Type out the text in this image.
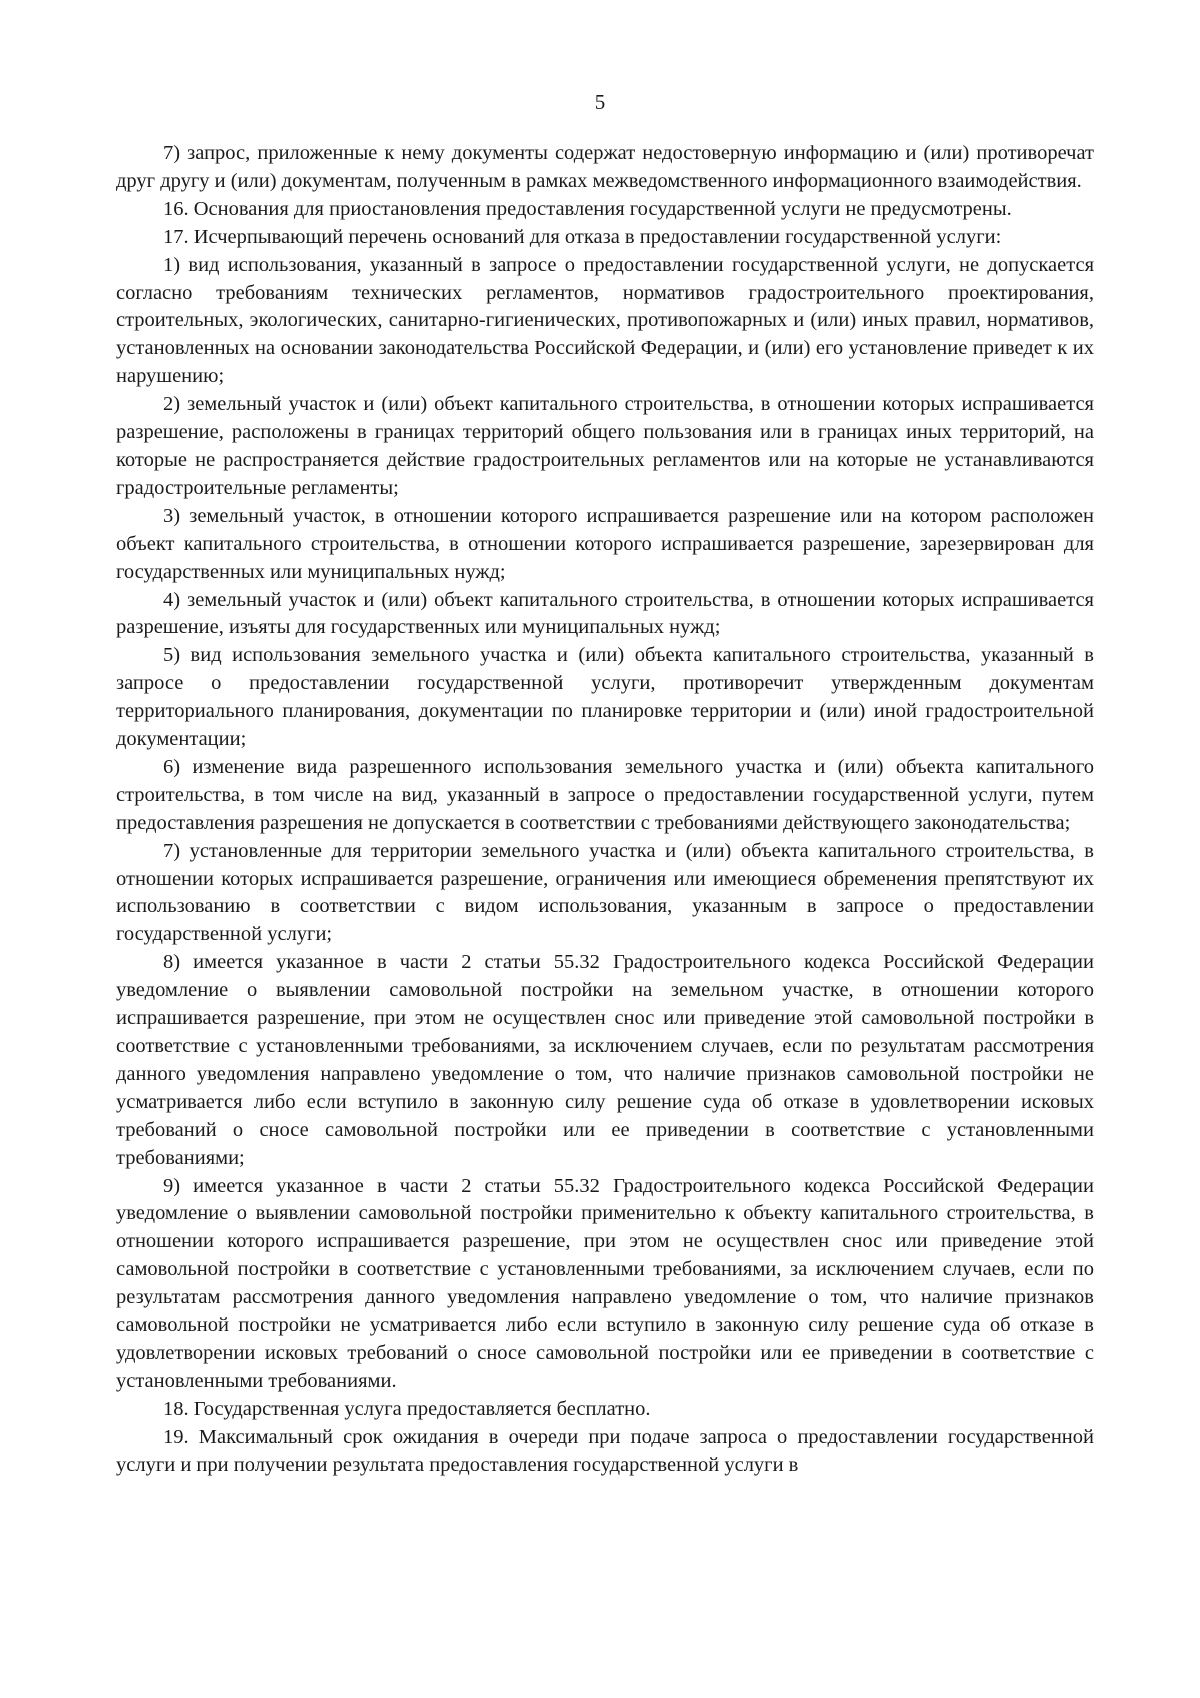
5

7) запрос, приложенные к нему документы содержат недостоверную информацию и (или) противоречат друг другу и (или) документам, полученным в рамках межведомственного информационного взаимодействия.

16. Основания для приостановления предоставления государственной услуги не предусмотрены.

17. Исчерпывающий перечень оснований для отказа в предоставлении государственной услуги:

1) вид использования, указанный в запросе о предоставлении государственной услуги, не допускается согласно требованиям технических регламентов, нормативов градостроительного проектирования, строительных, экологических, санитарно-гигиенических, противопожарных и (или) иных правил, нормативов, установленных на основании законодательства Российской Федерации, и (или) его установление приведет к их нарушению;

2) земельный участок и (или) объект капитального строительства, в отношении которых испрашивается разрешение, расположены в границах территорий общего пользования или в границах иных территорий, на которые не распространяется действие градостроительных регламентов или на которые не устанавливаются градостроительные регламенты;

3) земельный участок, в отношении которого испрашивается разрешение или на котором расположен объект капитального строительства, в отношении которого испрашивается разрешение, зарезервирован для государственных или муниципальных нужд;

4) земельный участок и (или) объект капитального строительства, в отношении которых испрашивается разрешение, изъяты для государственных или муниципальных нужд;

5) вид использования земельного участка и (или) объекта капитального строительства, указанный в запросе о предоставлении государственной услуги, противоречит утвержденным документам территориального планирования, документации по планировке территории и (или) иной градостроительной документации;

6) изменение вида разрешенного использования земельного участка и (или) объекта капитального строительства, в том числе на вид, указанный в запросе о предоставлении государственной услуги, путем предоставления разрешения не допускается в соответствии с требованиями действующего законодательства;

7) установленные для территории земельного участка и (или) объекта капитального строительства, в отношении которых испрашивается разрешение, ограничения или имеющиеся обременения препятствуют их использованию в соответствии с видом использования, указанным в запросе о предоставлении государственной услуги;

8) имеется указанное в части 2 статьи 55.32 Градостроительного кодекса Российской Федерации уведомление о выявлении самовольной постройки на земельном участке, в отношении которого испрашивается разрешение, при этом не осуществлен снос или приведение этой самовольной постройки в соответствие с установленными требованиями, за исключением случаев, если по результатам рассмотрения данного уведомления направлено уведомление о том, что наличие признаков самовольной постройки не усматривается либо если вступило в законную силу решение суда об отказе в удовлетворении исковых требований о сносе самовольной постройки или ее приведении в соответствие с установленными требованиями;

9) имеется указанное в части 2 статьи 55.32 Градостроительного кодекса Российской Федерации уведомление о выявлении самовольной постройки применительно к объекту капитального строительства, в отношении которого испрашивается разрешение, при этом не осуществлен снос или приведение этой самовольной постройки в соответствие с установленными требованиями, за исключением случаев, если по результатам рассмотрения данного уведомления направлено уведомление о том, что наличие признаков самовольной постройки не усматривается либо если вступило в законную силу решение суда об отказе в удовлетворении исковых требований о сносе самовольной постройки или ее приведении в соответствие с установленными требованиями.

18. Государственная услуга предоставляется бесплатно.

19. Максимальный срок ожидания в очереди при подаче запроса о предоставлении государственной услуги и при получении результата предоставления государственной услуги в
